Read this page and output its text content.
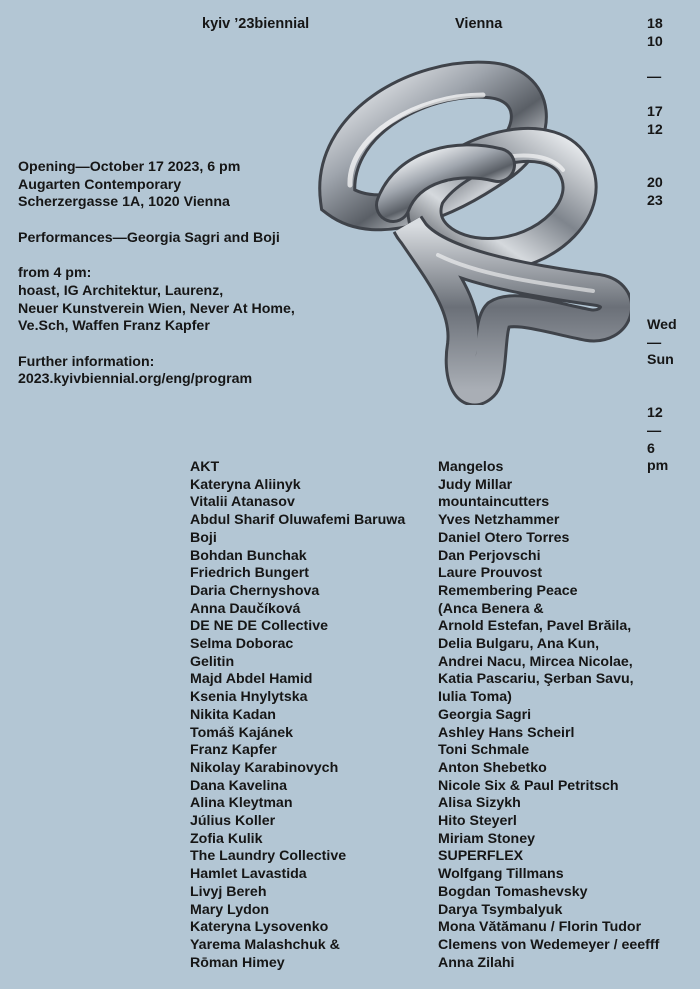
kyiv ’23biennial	Vienna	18
10
—
17
12
20
23
Wed
—
Sun
12
—
6
pm
Opening—October 17 2023, 6 pm
Augarten Contemporary
Scherzergasse 1A, 1020 Vienna
Performances—Georgia Sagri and Boji
from 4 pm:
hoast, IG Architektur, Laurenz,
Neuer Kunstverein Wien, Never At Home,
Ve.Sch, Waffen Franz Kapfer
Further information:
2023.kyivbiennial.org/eng/program
AKT
Kateryna Aliinyk
Vitalii Atanasov
Abdul Sharif Oluwafemi Baruwa
Boji
Bohdan Bunchak
Friedrich Bungert
Daria Chernyshova
Anna Daučíková
DE NE DE Collective
Selma Doborac
Gelitin
Majd Abdel Hamid
Ksenia Hnylytska
Nikita Kadan
Tomáš Kajánek
Franz Kapfer
Nikolay Karabinovych
Dana Kavelina
Alina Kleytman
Július Koller
Zofia Kulik
The Laundry Collective
Hamlet Lavastida
Livyj Bereh
Mary Lydon
Kateryna Lysovenko
Yarema Malashchuk &
Rōman Himey
Mangelos
Judy Millar
mountaincutters
Yves Netzhammer
Daniel Otero Torres
Dan Perjovschi
Laure Prouvost
Remembering Peace
(Anca Benera &
Arnold Estefan, Pavel Brăila,
Delia Bulgaru, Ana Kun,
Andrei Nacu, Mircea Nicolae,
Katia Pascariu, Şerban Savu,
Iulia Toma)
Georgia Sagri
Ashley Hans Scheirl
Toni Schmale
Anton Shebetko
Nicole Six & Paul Petritsch
Alisa Sizykh
Hito Steyerl
Miriam Stoney
SUPERFLEX
Wolfgang Tillmans
Bogdan Tomashevsky
Darya Tsymbalyuk
Mona Vătămanu / Florin Tudor
Clemens von Wedemeyer / eeefff
Anna Zilahi
